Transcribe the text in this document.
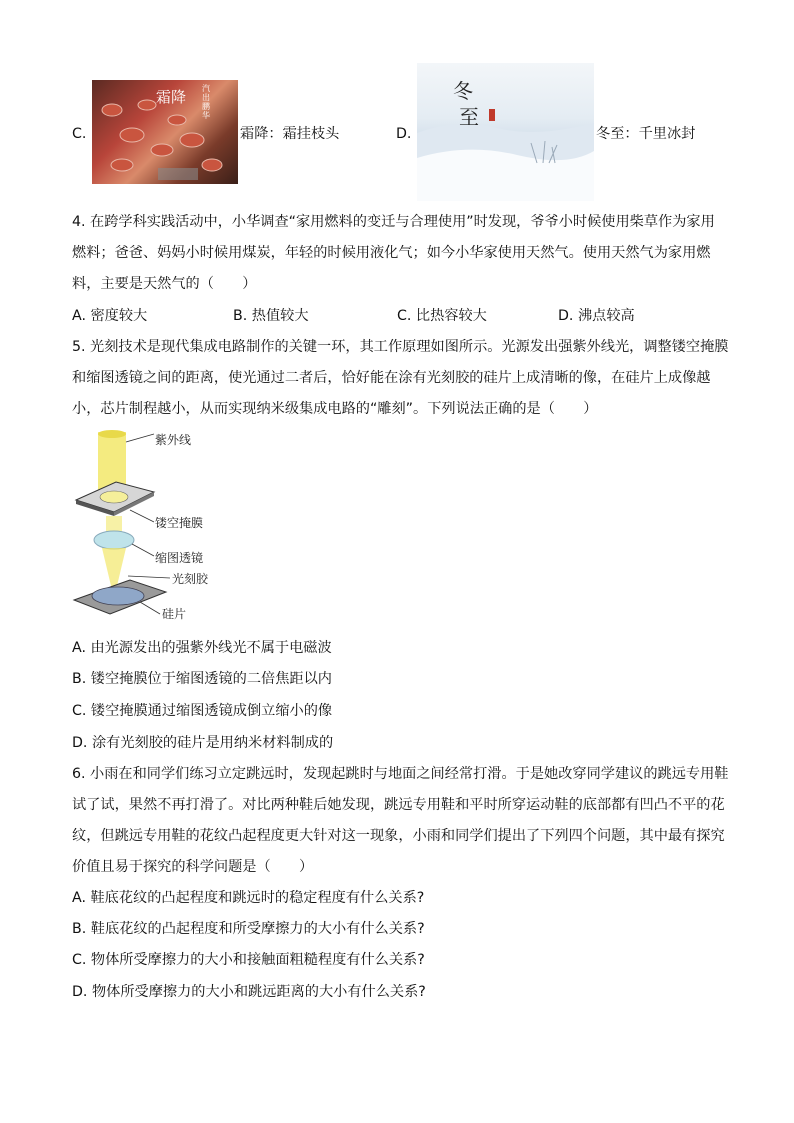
C.
霜降 汽出鹏华
霜降：霜挂枝头	D.
冬
至
冬至：千里冰封
4. 在跨学科实践活动中，小华调查“家用燃料的变迁与合理使用”时发现，爷爷小时候使用柴草作为家用
燃料；爸爸、妈妈小时候用煤炭，年轻的时候用液化气；如今小华家使用天然气。使用天然气为家用燃
料，主要是天然气的（　　）
A. 密度较大	B. 热值较大	C. 比热容较大	D. 沸点较高
5. 光刻技术是现代集成电路制作的关键一环，其工作原理如图所示。光源发出强紫外线光，调整镂空掩膜
和缩图透镜之间的距离，使光通过二者后，恰好能在涂有光刻胶的硅片上成清晰的像，在硅片上成像越
小，芯片制程越小，从而实现纳米级集成电路的“雕刻”。下列说法正确的是（　　）
紫外线
镂空掩膜
缩图透镜
光刻胶
硅片
A. 由光源发出的强紫外线光不属于电磁波
B. 镂空掩膜位于缩图透镜的二倍焦距以内
C. 镂空掩膜通过缩图透镜成倒立缩小的像
D. 涂有光刻胶的硅片是用纳米材料制成的
6. 小雨在和同学们练习立定跳远时，发现起跳时与地面之间经常打滑。于是她改穿同学建议的跳远专用鞋
试了试，果然不再打滑了。对比两种鞋后她发现，跳远专用鞋和平时所穿运动鞋的底部都有凹凸不平的花
纹，但跳远专用鞋的花纹凸起程度更大针对这一现象，小雨和同学们提出了下列四个问题，其中最有探究
价值且易于探究的科学问题是（　　）
A. 鞋底花纹的凸起程度和跳远时的稳定程度有什么关系?
B. 鞋底花纹的凸起程度和所受摩擦力的大小有什么关系?
C. 物体所受摩擦力的大小和接触面粗糙程度有什么关系?
D. 物体所受摩擦力的大小和跳远距离的大小有什么关系?
